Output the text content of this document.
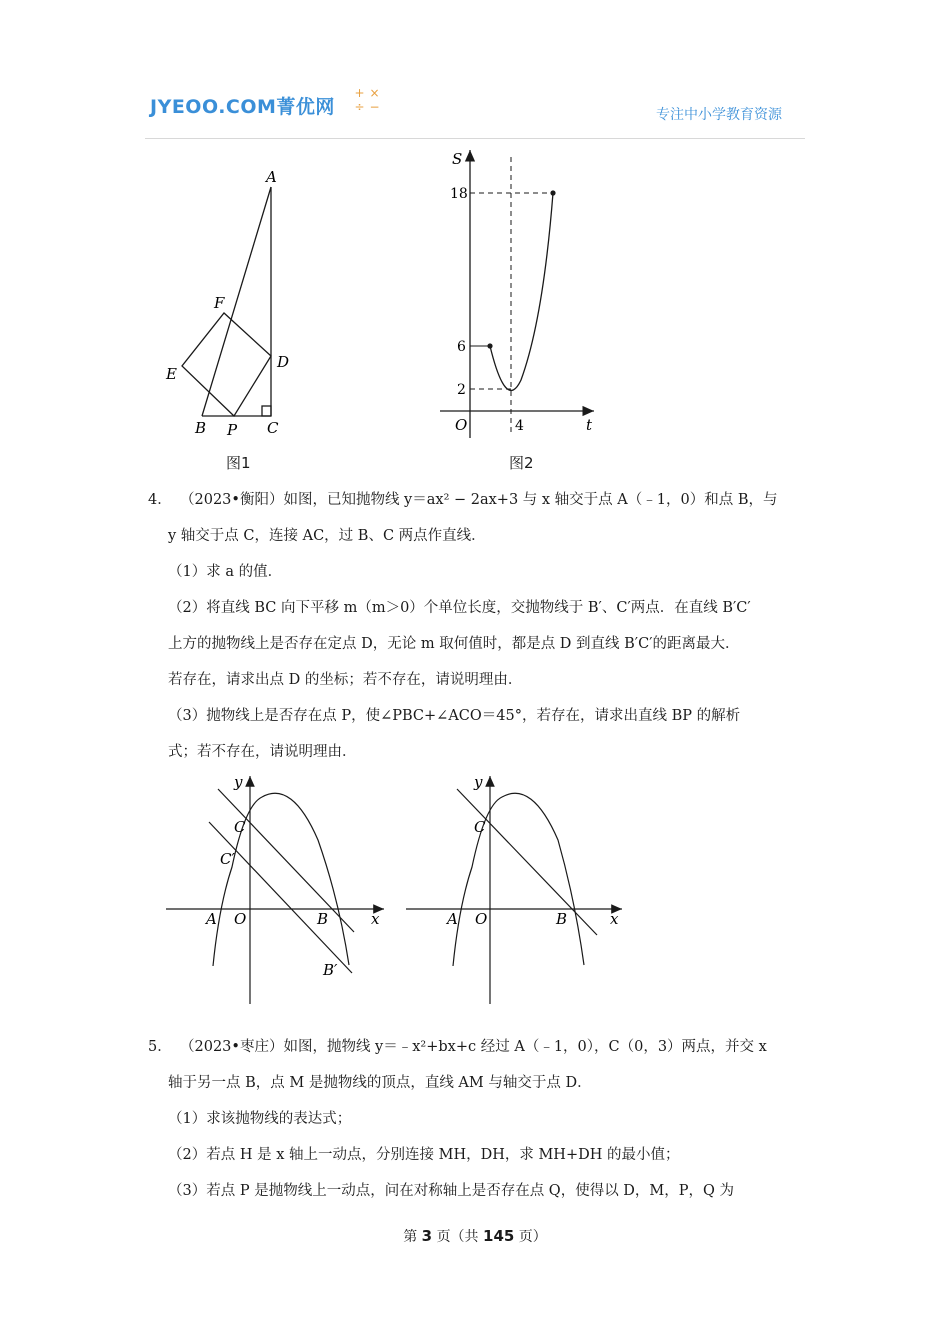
JYEOO.COM菁优网
+ ×
÷ −	专注中小学教育资源
A
F
D
E
B P C
图1
S
18
6
2
O	4	t
图2
4． （2023•衡阳）如图，已知抛物线 y＝ax² − 2ax+3 与 x 轴交于点 A（﹣1，0）和点 B，与
y 轴交于点 C，连接 AC，过 B、C 两点作直线．
（1）求 a 的值．
（2）将直线 BC 向下平移 m（m＞0）个单位长度，交抛物线于 B′、C′两点．在直线 B′C′
上方的抛物线上是否存在定点 D，无论 m 取何值时，都是点 D 到直线 B′C′的距离最大．
若存在，请求出点 D 的坐标；若不存在，请说明理由．
（3）抛物线上是否存在点 P，使∠PBC+∠ACO＝45°，若存在，请求出直线 BP 的解析
式；若不存在，请说明理由．
y
C
C′
A O	B	x
B′
y
C
A O	B	x
5． （2023•枣庄）如图，抛物线 y＝﹣x²+bx+c 经过 A（﹣1，0），C（0，3）两点，并交 x
轴于另一点 B，点 M 是抛物线的顶点，直线 AM 与轴交于点 D．
（1）求该抛物线的表达式；
（2）若点 H 是 x 轴上一动点，分别连接 MH，DH，求 MH+DH 的最小值；
（3）若点 P 是抛物线上一动点，问在对称轴上是否存在点 Q，使得以 D，M，P，Q 为
第 3 页（共 145 页）
